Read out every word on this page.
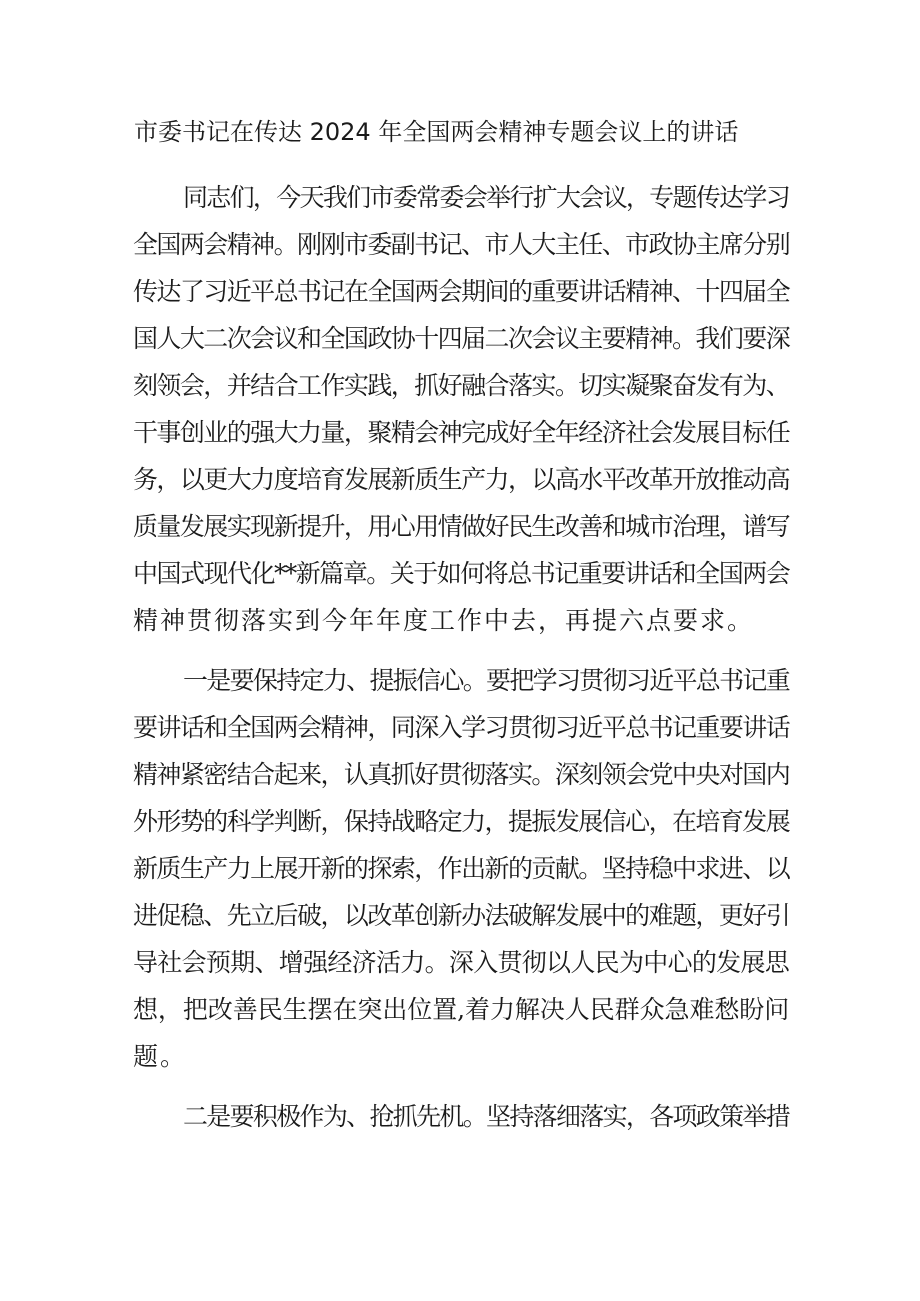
市委书记在传达 2024 年全国两会精神专题会议上的讲话
同志们，今天我们市委常委会举行扩大会议，专题传达学习
全国两会精神。刚刚市委副书记、市人大主任、市政协主席分别
传达了习近平总书记在全国两会期间的重要讲话精神、十四届全
国人大二次会议和全国政协十四届二次会议主要精神。我们要深
刻领会，并结合工作实践，抓好融合落实。切实凝聚奋发有为、
干事创业的强大力量，聚精会神完成好全年经济社会发展目标任
务，以更大力度培育发展新质生产力，以高水平改革开放推动高
质量发展实现新提升，用心用情做好民生改善和城市治理，谱写
中国式现代化**新篇章。关于如何将总书记重要讲话和全国两会
精神贯彻落实到今年年度工作中去，再提六点要求。
一是要保持定力、提振信心。要把学习贯彻习近平总书记重
要讲话和全国两会精神，同深入学习贯彻习近平总书记重要讲话
精神紧密结合起来，认真抓好贯彻落实。深刻领会党中央对国内
外形势的科学判断，保持战略定力，提振发展信心，在培育发展
新质生产力上展开新的探索，作出新的贡献。坚持稳中求进、以
进促稳、先立后破，以改革创新办法破解发展中的难题，更好引
导社会预期、增强经济活力。深入贯彻以人民为中心的发展思
想，把改善民生摆在突出位置,着力解决人民群众急难愁盼问
题。
二是要积极作为、抢抓先机。坚持落细落实，各项政策举措
